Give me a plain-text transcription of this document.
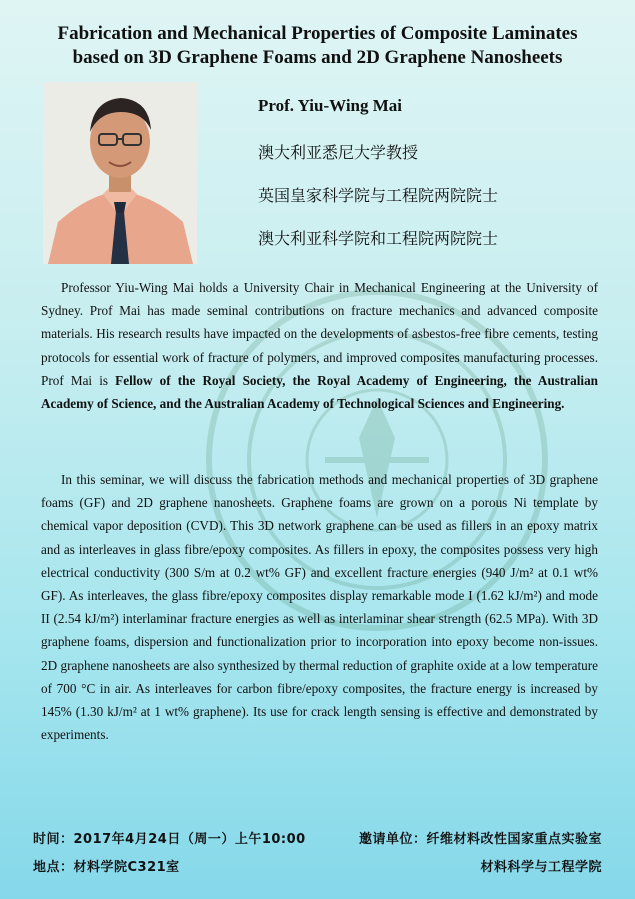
Fabrication and Mechanical Properties of Composite Laminates
based on 3D Graphene Foams and 2D Graphene Nanosheets
Prof. Yiu-Wing Mai
澳大利亚悉尼大学教授
英国皇家科学院与工程院两院院士
澳大利亚科学院和工程院两院院士
Professor Yiu-Wing Mai holds a University Chair in Mechanical Engineering at the University of Sydney. Prof Mai has made seminal contributions on fracture mechanics and advanced composite materials. His research results have impacted on the developments of asbestos-free fibre cements, testing protocols for essential work of fracture of polymers, and improved composites manufacturing processes. Prof Mai is Fellow of the Royal Society, the Royal Academy of Engineering, the Australian Academy of Science, and the Australian Academy of Technological Sciences and Engineering.
In this seminar, we will discuss the fabrication methods and mechanical properties of 3D graphene foams (GF) and 2D graphene nanosheets. Graphene foams are grown on a porous Ni template by chemical vapor deposition (CVD). This 3D network graphene can be used as fillers in an epoxy matrix and as interleaves in glass fibre/epoxy composites. As fillers in epoxy, the composites possess very high electrical conductivity (300 S/m at 0.2 wt% GF) and excellent fracture energies (940 J/m² at 0.1 wt% GF). As interleaves, the glass fibre/epoxy composites display remarkable mode I (1.62 kJ/m²) and mode II (2.54 kJ/m²) interlaminar fracture energies as well as interlaminar shear strength (62.5 MPa). With 3D graphene foams, dispersion and functionalization prior to incorporation into epoxy become non-issues. 2D graphene nanosheets are also synthesized by thermal reduction of graphite oxide at a low temperature of 700 °C in air. As interleaves for carbon fibre/epoxy composites, the fracture energy is increased by 145% (1.30 kJ/m² at 1 wt% graphene). Its use for crack length sensing is effective and demonstrated by experiments.
时间：2017年4月24日（周一）上午10:00	邀请单位：纤维材料改性国家重点实验室
地点：材料学院C321室	材料科学与工程学院
